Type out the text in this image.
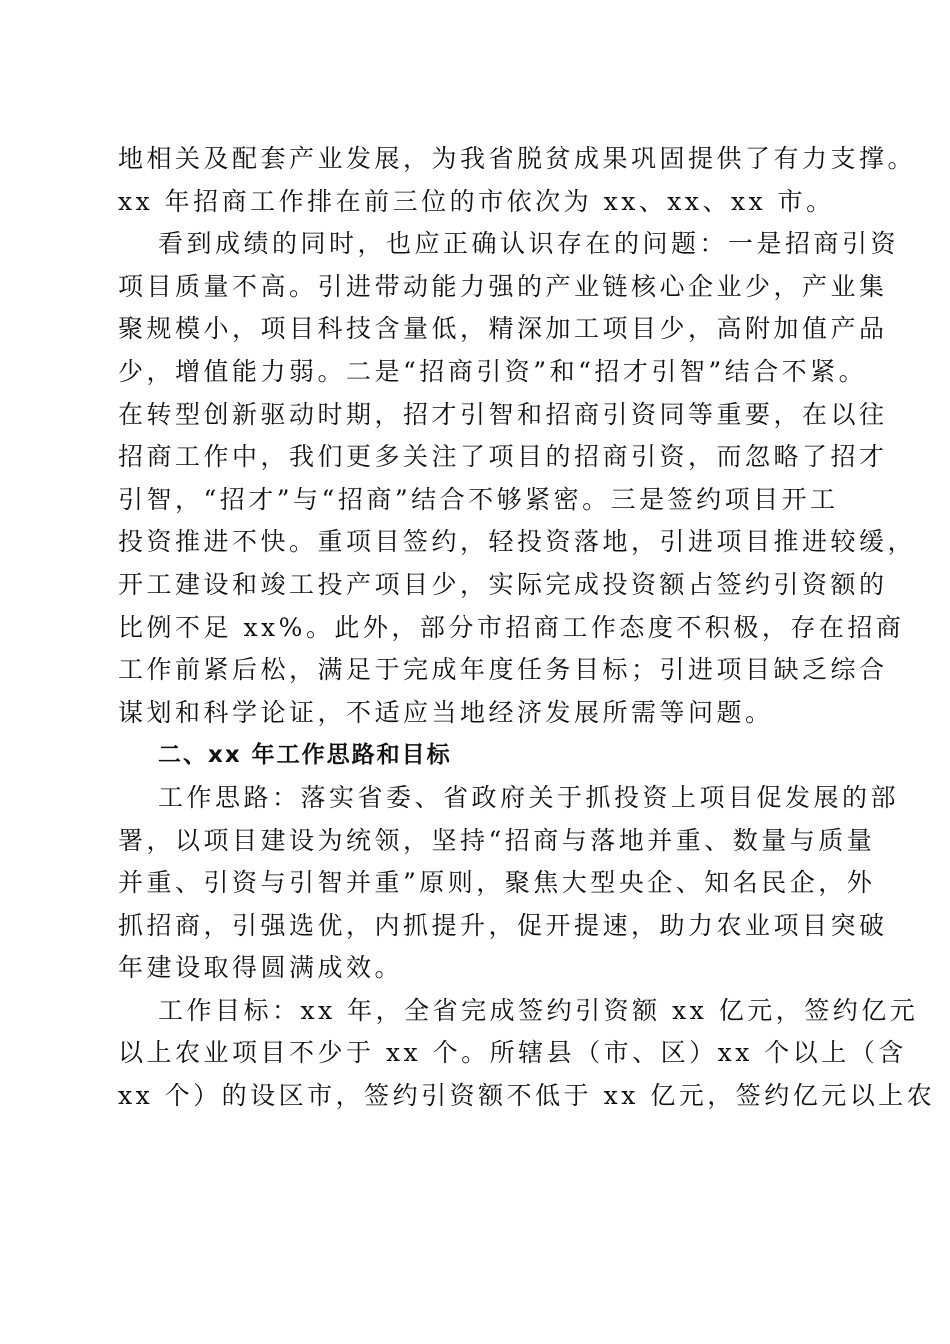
地相关及配套产业发展，为我省脱贫成果巩固提供了有力支撑。
xx 年招商工作排在前三位的市依次为 xx、xx、xx 市。
看到成绩的同时，也应正确认识存在的问题：一是招商引资
项目质量不高。引进带动能力强的产业链核心企业少，产业集
聚规模小，项目科技含量低，精深加工项目少，高附加值产品
少，增值能力弱。二是“招商引资”和“招才引智”结合不紧。
在转型创新驱动时期，招才引智和招商引资同等重要，在以往
招商工作中，我们更多关注了项目的招商引资，而忽略了招才
引智，“招才”与“招商”结合不够紧密。三是签约项目开工
投资推进不快。重项目签约，轻投资落地，引进项目推进较缓，
开工建设和竣工投产项目少，实际完成投资额占签约引资额的
比例不足 xx%。此外，部分市招商工作态度不积极，存在招商
工作前紧后松，满足于完成年度任务目标；引进项目缺乏综合
谋划和科学论证，不适应当地经济发展所需等问题。
二、xx 年工作思路和目标
工作思路：落实省委、省政府关于抓投资上项目促发展的部
署，以项目建设为统领，坚持“招商与落地并重、数量与质量
并重、引资与引智并重”原则，聚焦大型央企、知名民企，外
抓招商，引强选优，内抓提升，促开提速，助力农业项目突破
年建设取得圆满成效。
工作目标：xx 年，全省完成签约引资额 xx 亿元，签约亿元
以上农业项目不少于 xx 个。所辖县（市、区）xx 个以上（含
xx 个）的设区市，签约引资额不低于 xx 亿元，签约亿元以上农
